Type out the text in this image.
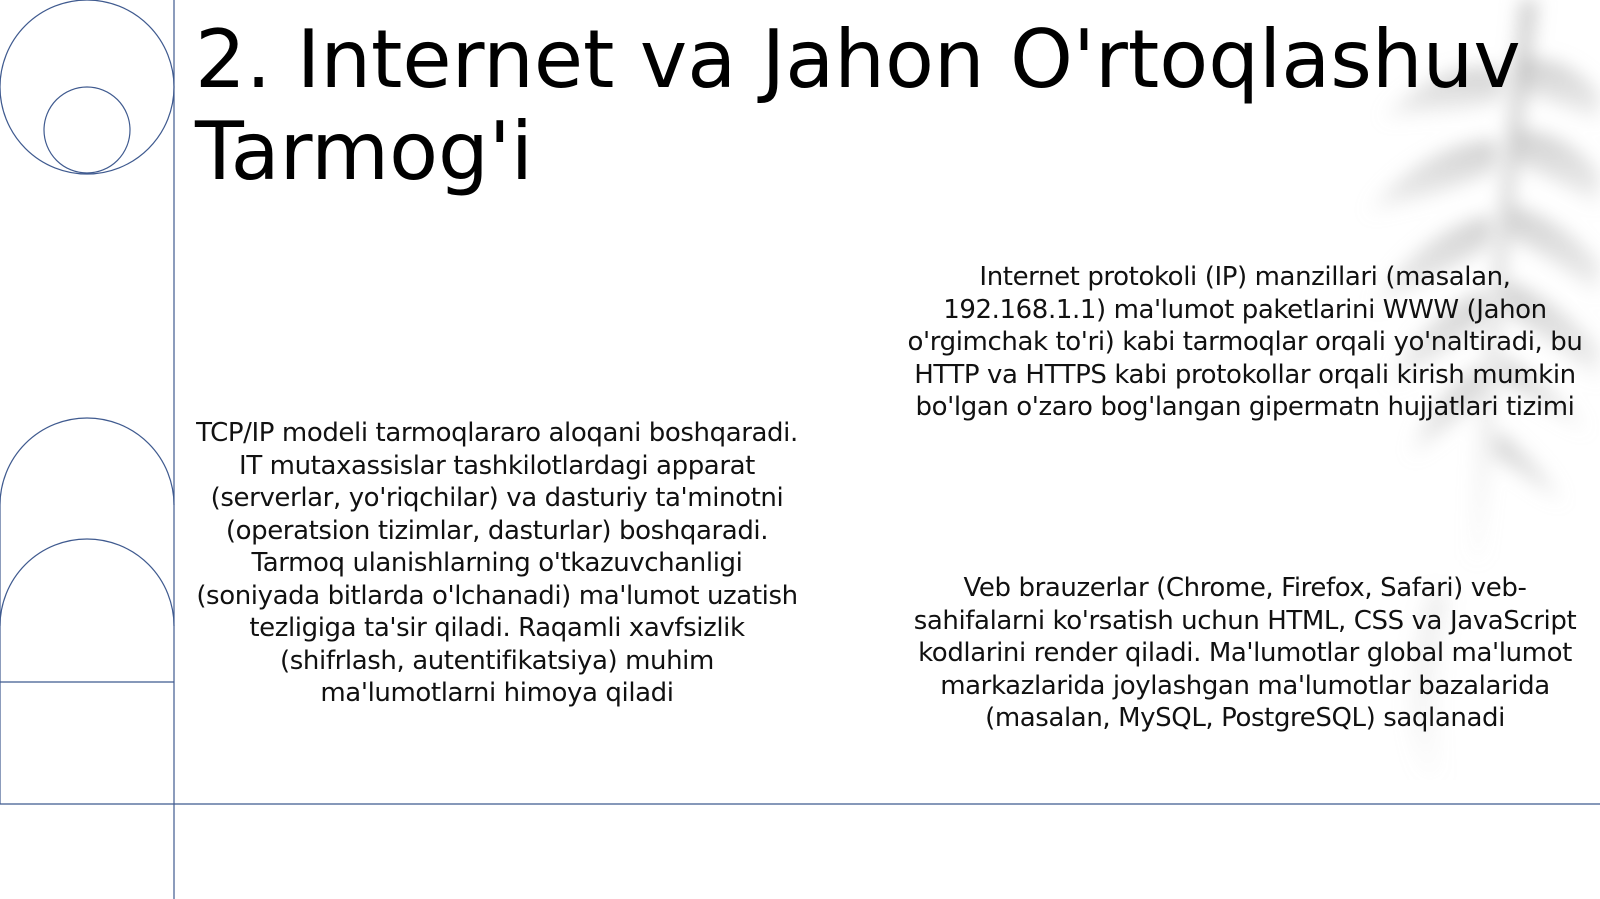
2. Internet va Jahon O'rtoqlashuv Tarmog'i

TCP/IP modeli tarmoqlararo aloqani boshqaradi. IT mutaxassislar tashkilotlardagi apparat (serverlar, yo'riqchilar) va dasturiy ta'minotni (operatsion tizimlar, dasturlar) boshqaradi. Tarmoq ulanishlarning o'tkazuvchanligi (soniyada bitlarda o'lchanadi) ma'lumot uzatish tezligiga ta'sir qiladi. Raqamli xavfsizlik (shifrlash, autentifikatsiya) muhim ma'lumotlarni himoya qiladi

Internet protokoli (IP) manzillari (masalan, 192.168.1.1) ma'lumot paketlarini WWW (Jahon o'rgimchak to'ri) kabi tarmoqlar orqali yo'naltiradi, bu HTTP va HTTPS kabi protokollar orqali kirish mumkin bo'lgan o'zaro bog'langan gipermatn hujjatlari tizimi

Veb brauzerlar (Chrome, Firefox, Safari) veb-sahifalarni ko'rsatish uchun HTML, CSS va JavaScript kodlarini render qiladi. Ma'lumotlar global ma'lumot markazlarida joylashgan ma'lumotlar bazalarida (masalan, MySQL, PostgreSQL) saqlanadi
